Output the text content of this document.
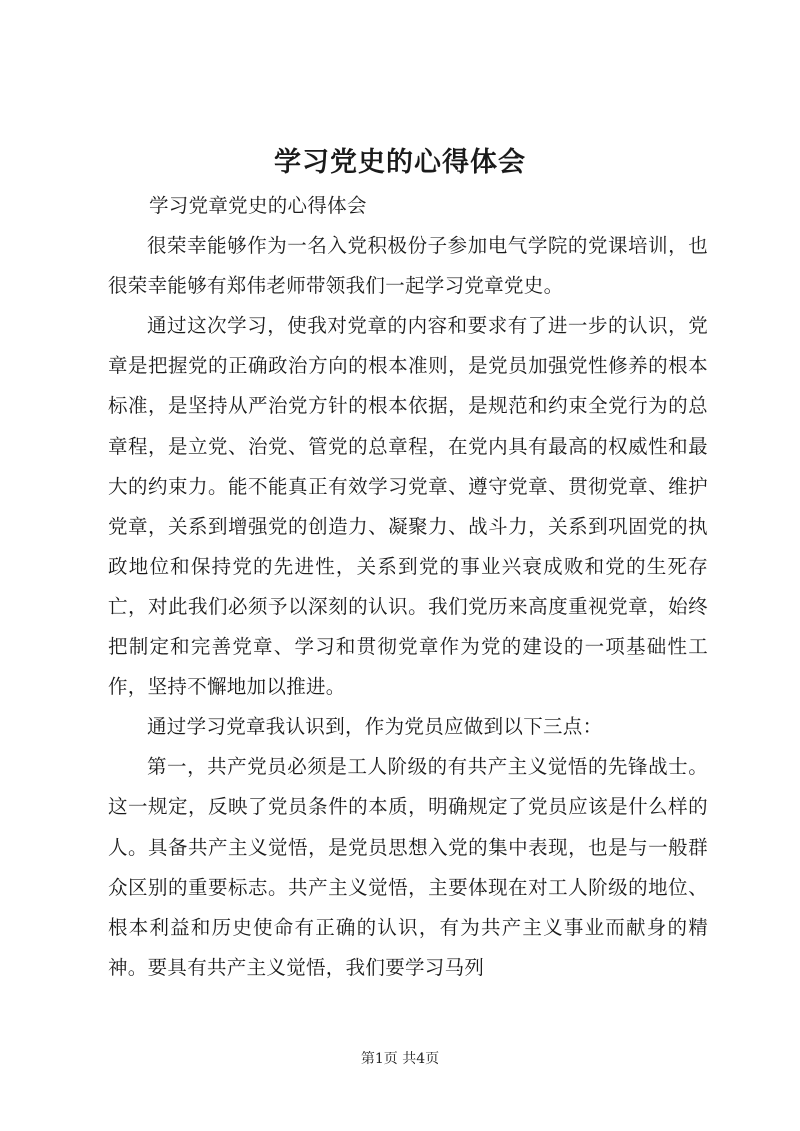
学习党史的心得体会

学习党章党史的心得体会

很荣幸能够作为一名入党积极份子参加电气学院的党课培训，也很荣幸能够有郑伟老师带领我们一起学习党章党史。

通过这次学习，使我对党章的内容和要求有了进一步的认识，党章是把握党的正确政治方向的根本准则，是党员加强党性修养的根本标准，是坚持从严治党方针的根本依据，是规范和约束全党行为的总章程，是立党、治党、管党的总章程，在党内具有最高的权威性和最大的约束力。能不能真正有效学习党章、遵守党章、贯彻党章、维护党章，关系到增强党的创造力、凝聚力、战斗力，关系到巩固党的执政地位和保持党的先进性，关系到党的事业兴衰成败和党的生死存亡，对此我们必须予以深刻的认识。我们党历来高度重视党章，始终把制定和完善党章、学习和贯彻党章作为党的建设的一项基础性工作，坚持不懈地加以推进。

通过学习党章我认识到，作为党员应做到以下三点：

第一，共产党员必须是工人阶级的有共产主义觉悟的先锋战士。这一规定，反映了党员条件的本质，明确规定了党员应该是什么样的人。具备共产主义觉悟，是党员思想入党的集中表现，也是与一般群众区别的重要标志。共产主义觉悟，主要体现在对工人阶级的地位、根本利益和历史使命有正确的认识，有为共产主义事业而献身的精神。要具有共产主义觉悟，我们要学习马列

第1页 共4页
